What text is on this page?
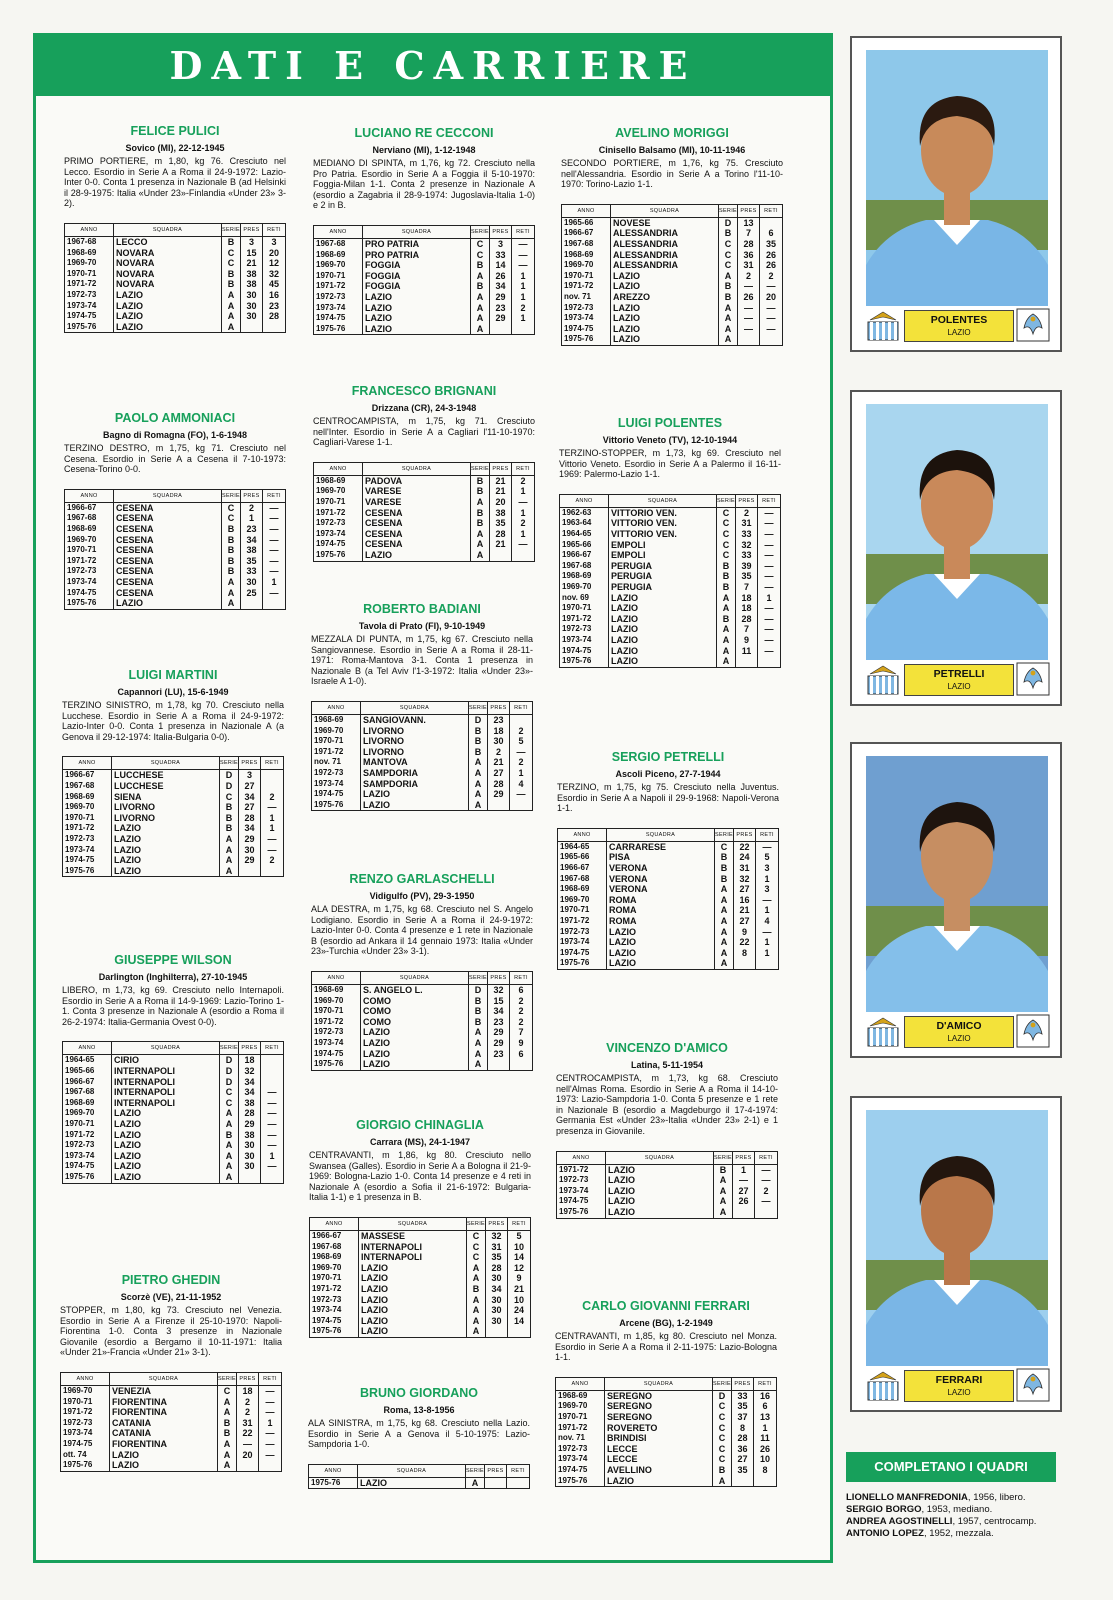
DATI E CARRIERE
FELICE PULICI
Sovico (MI), 22-12-1945
PRIMO PORTIERE, m 1,80, kg 76. Cresciuto nel Lecco. Esordio in Serie A a Roma il 24-9-1972: Lazio-Inter 0-0. Conta 1 presenza in Nazionale B (ad Helsinki il 28-9-1975: Italia «Under 23»-Finlandia «Under 23» 3-2).
ANNO	SQUADRA	SERIE	PRES	RETI
1967-68	LECCO	B	3	3
1968-69	NOVARA	C	15	20
1969-70	NOVARA	C	21	12
1970-71	NOVARA	B	38	32
1971-72	NOVARA	B	38	45
1972-73	LAZIO	A	30	16
1973-74	LAZIO	A	30	23
1974-75	LAZIO	A	30	28
1975-76	LAZIO	A		
PAOLO AMMONIACI
Bagno di Romagna (FO), 1-6-1948
TERZINO DESTRO, m 1,75, kg 71. Cresciuto nel Cesena. Esordio in Serie A a Cesena il 7-10-1973: Cesena-Torino 0-0.
ANNO	SQUADRA	SERIE	PRES	RETI
1966-67	CESENA	C	2	—
1967-68	CESENA	C	1	—
1968-69	CESENA	B	23	—
1969-70	CESENA	B	34	—
1970-71	CESENA	B	38	—
1971-72	CESENA	B	35	—
1972-73	CESENA	B	33	—
1973-74	CESENA	A	30	1
1974-75	CESENA	A	25	—
1975-76	LAZIO	A		
LUIGI MARTINI
Capannori (LU), 15-6-1949
TERZINO SINISTRO, m 1,78, kg 70. Cresciuto nella Lucchese. Esordio in Serie A a Roma il 24-9-1972: Lazio-Inter 0-0. Conta 1 presenza in Nazionale A (a Genova il 29-12-1974: Italia-Bulgaria 0-0).
ANNO	SQUADRA	SERIE	PRES	RETI
1966-67	LUCCHESE	D	3	
1967-68	LUCCHESE	D	27	
1968-69	SIENA	C	34	2
1969-70	LIVORNO	B	27	—
1970-71	LIVORNO	B	28	1
1971-72	LAZIO	B	34	1
1972-73	LAZIO	A	29	—
1973-74	LAZIO	A	30	—
1974-75	LAZIO	A	29	2
1975-76	LAZIO	A		
GIUSEPPE WILSON
Darlington (Inghilterra), 27-10-1945
LIBERO, m 1,73, kg 69. Cresciuto nello Internapoli. Esordio in Serie A a Roma il 14-9-1969: Lazio-Torino 1-1. Conta 3 presenze in Nazionale A (esordio a Roma il 26-2-1974: Italia-Germania Ovest 0-0).
ANNO	SQUADRA	SERIE	PRES	RETI
1964-65	CIRIO	D	18	
1965-66	INTERNAPOLI	D	32	
1966-67	INTERNAPOLI	D	34	
1967-68	INTERNAPOLI	C	34	—
1968-69	INTERNAPOLI	C	38	—
1969-70	LAZIO	A	28	—
1970-71	LAZIO	A	29	—
1971-72	LAZIO	B	38	—
1972-73	LAZIO	A	30	—
1973-74	LAZIO	A	30	1
1974-75	LAZIO	A	30	—
1975-76	LAZIO	A		
PIETRO GHEDIN
Scorzè (VE), 21-11-1952
STOPPER, m 1,80, kg 73. Cresciuto nel Venezia. Esordio in Serie A a Firenze il 25-10-1970: Napoli-Fiorentina 1-0. Conta 3 presenze in Nazionale Giovanile (esordio a Bergamo il 10-11-1971: Italia «Under 21»-Francia «Under 21» 3-1).
ANNO	SQUADRA	SERIE	PRES	RETI
1969-70	VENEZIA	C	18	—
1970-71	FIORENTINA	A	2	—
1971-72	FIORENTINA	A	2	—
1972-73	CATANIA	B	31	1
1973-74	CATANIA	B	22	—
1974-75	FIORENTINA	A	—	—
ott. 74	LAZIO	A	20	—
1975-76	LAZIO	A		
LUCIANO RE CECCONI
Nerviano (MI), 1-12-1948
MEDIANO DI SPINTA, m 1,76, kg 72. Cresciuto nella Pro Patria. Esordio in Serie A a Foggia il 5-10-1970: Foggia-Milan 1-1. Conta 2 presenze in Nazionale A (esordio a Zagabria il 28-9-1974: Jugoslavia-Italia 1-0) e 2 in B.
ANNO	SQUADRA	SERIE	PRES	RETI
1967-68	PRO PATRIA	C	3	—
1968-69	PRO PATRIA	C	33	—
1969-70	FOGGIA	B	14	—
1970-71	FOGGIA	A	26	1
1971-72	FOGGIA	B	34	1
1972-73	LAZIO	A	29	1
1973-74	LAZIO	A	23	2
1974-75	LAZIO	A	29	1
1975-76	LAZIO	A		
FRANCESCO BRIGNANI
Drizzana (CR), 24-3-1948
CENTROCAMPISTA, m 1,75, kg 71. Cresciuto nell'Inter. Esordio in Serie A a Cagliari l'11-10-1970: Cagliari-Varese 1-1.
ANNO	SQUADRA	SERIE	PRES	RETI
1968-69	PADOVA	B	21	2
1969-70	VARESE	B	21	1
1970-71	VARESE	A	20	—
1971-72	CESENA	B	38	1
1972-73	CESENA	B	35	2
1973-74	CESENA	A	28	1
1974-75	CESENA	A	21	—
1975-76	LAZIO	A		
ROBERTO BADIANI
Tavola di Prato (FI), 9-10-1949
MEZZALA DI PUNTA, m 1,75, kg 67. Cresciuto nella Sangiovannese. Esordio in Serie A a Roma il 28-11-1971: Roma-Mantova 3-1. Conta 1 presenza in Nazionale B (a Tel Aviv l'1-3-1972: Italia «Under 23»-Israele A 1-0).
ANNO	SQUADRA	SERIE	PRES	RETI
1968-69	SANGIOVANN.	D	23	
1969-70	LIVORNO	B	18	2
1970-71	LIVORNO	B	30	5
1971-72	LIVORNO	B	2	—
nov. 71	MANTOVA	A	21	2
1972-73	SAMPDORIA	A	27	1
1973-74	SAMPDORIA	A	28	4
1974-75	LAZIO	A	29	—
1975-76	LAZIO	A		
RENZO GARLASCHELLI
Vidigulfo (PV), 29-3-1950
ALA DESTRA, m 1,75, kg 68. Cresciuto nel S. Angelo Lodigiano. Esordio in Serie A a Roma il 24-9-1972: Lazio-Inter 0-0. Conta 4 presenze e 1 rete in Nazionale B (esordio ad Ankara il 14 gennaio 1973: Italia «Under 23»-Turchia «Under 23» 3-1).
ANNO	SQUADRA	SERIE	PRES	RETI
1968-69	S. ANGELO L.	D	32	6
1969-70	COMO	B	15	2
1970-71	COMO	B	34	2
1971-72	COMO	B	23	2
1972-73	LAZIO	A	29	7
1973-74	LAZIO	A	29	9
1974-75	LAZIO	A	23	6
1975-76	LAZIO	A		
GIORGIO CHINAGLIA
Carrara (MS), 24-1-1947
CENTRAVANTI, m 1,86, kg 80. Cresciuto nello Swansea (Galles). Esordio in Serie A a Bologna il 21-9-1969: Bologna-Lazio 1-0. Conta 14 presenze e 4 reti in Nazionale A (esordio a Sofia il 21-6-1972: Bulgaria-Italia 1-1) e 1 presenza in B.
ANNO	SQUADRA	SERIE	PRES	RETI
1966-67	MASSESE	C	32	5
1967-68	INTERNAPOLI	C	31	10
1968-69	INTERNAPOLI	C	35	14
1969-70	LAZIO	A	28	12
1970-71	LAZIO	A	30	9
1971-72	LAZIO	B	34	21
1972-73	LAZIO	A	30	10
1973-74	LAZIO	A	30	24
1974-75	LAZIO	A	30	14
1975-76	LAZIO	A		
BRUNO GIORDANO
Roma, 13-8-1956
ALA SINISTRA, m 1,75, kg 68. Cresciuto nella Lazio. Esordio in Serie A a Genova il 5-10-1975: Lazio-Sampdoria 1-0.
ANNO	SQUADRA	SERIE	PRES	RETI
1975-76	LAZIO	A		
AVELINO MORIGGI
Cinisello Balsamo (MI), 10-11-1946
SECONDO PORTIERE, m 1,76, kg 75. Cresciuto nell'Alessandria. Esordio in Serie A a Torino l'11-10-1970: Torino-Lazio 1-1.
ANNO	SQUADRA	SERIE	PRES	RETI
1965-66	NOVESE	D	13	
1966-67	ALESSANDRIA	B	7	6
1967-68	ALESSANDRIA	C	28	35
1968-69	ALESSANDRIA	C	36	26
1969-70	ALESSANDRIA	C	31	26
1970-71	LAZIO	A	2	2
1971-72	LAZIO	B	—	—
nov. 71	AREZZO	B	26	20
1972-73	LAZIO	A	—	—
1973-74	LAZIO	A	—	—
1974-75	LAZIO	A	—	—
1975-76	LAZIO	A		
LUIGI POLENTES
Vittorio Veneto (TV), 12-10-1944
TERZINO-STOPPER, m 1,73, kg 69. Cresciuto nel Vittorio Veneto. Esordio in Serie A a Palermo il 16-11-1969: Palermo-Lazio 1-1.
ANNO	SQUADRA	SERIE	PRES	RETI
1962-63	VITTORIO VEN.	C	2	—
1963-64	VITTORIO VEN.	C	31	—
1964-65	VITTORIO VEN.	C	33	—
1965-66	EMPOLI	C	32	—
1966-67	EMPOLI	C	33	—
1967-68	PERUGIA	B	39	—
1968-69	PERUGIA	B	35	—
1969-70	PERUGIA	B	7	—
nov. 69	LAZIO	A	18	1
1970-71	LAZIO	A	18	—
1971-72	LAZIO	B	28	—
1972-73	LAZIO	A	7	—
1973-74	LAZIO	A	9	—
1974-75	LAZIO	A	11	—
1975-76	LAZIO	A		
SERGIO PETRELLI
Ascoli Piceno, 27-7-1944
TERZINO, m 1,75, kg 75. Cresciuto nella Juventus. Esordio in Serie A a Napoli il 29-9-1968: Napoli-Verona 1-1.
ANNO	SQUADRA	SERIE	PRES	RETI
1964-65	CARRARESE	C	22	—
1965-66	PISA	B	24	5
1966-67	VERONA	B	31	3
1967-68	VERONA	B	32	1
1968-69	VERONA	A	27	3
1969-70	ROMA	A	16	—
1970-71	ROMA	A	21	1
1971-72	ROMA	A	27	4
1972-73	LAZIO	A	9	—
1973-74	LAZIO	A	22	1
1974-75	LAZIO	A	8	1
1975-76	LAZIO	A		
VINCENZO D'AMICO
Latina, 5-11-1954
CENTROCAMPISTA, m 1,73, kg 68. Cresciuto nell'Almas Roma. Esordio in Serie A a Roma il 14-10-1973: Lazio-Sampdoria 1-0. Conta 5 presenze e 1 rete in Nazionale B (esordio a Magdeburgo il 17-4-1974: Germania Est «Under 23»-Italia «Under 23» 2-1) e 1 presenza in Giovanile.
ANNO	SQUADRA	SERIE	PRES	RETI
1971-72	LAZIO	B	1	—
1972-73	LAZIO	A	—	—
1973-74	LAZIO	A	27	2
1974-75	LAZIO	A	26	—
1975-76	LAZIO	A		
CARLO GIOVANNI FERRARI
Arcene (BG), 1-2-1949
CENTRAVANTI, m 1,85, kg 80. Cresciuto nel Monza. Esordio in Serie A a Roma il 2-11-1975: Lazio-Bologna 1-1.
ANNO	SQUADRA	SERIE	PRES	RETI
1968-69	SEREGNO	D	33	16
1969-70	SEREGNO	C	35	6
1970-71	SEREGNO	C	37	13
1971-72	ROVERETO	C	8	1
nov. 71	BRINDISI	C	28	11
1972-73	LECCE	C	36	26
1973-74	LECCE	C	27	10
1974-75	AVELLINO	B	35	8
1975-76	LAZIO	A		
POLENTES
LAZIO
PETRELLI
LAZIO
D'AMICO
LAZIO
FERRARI
LAZIO
COMPLETANO I QUADRI
LIONELLO MANFREDONIA, 1956, libero.
SERGIO BORGO, 1953, mediano.
ANDREA AGOSTINELLI, 1957, centrocamp.
ANTONIO LOPEZ, 1952, mezzala.
